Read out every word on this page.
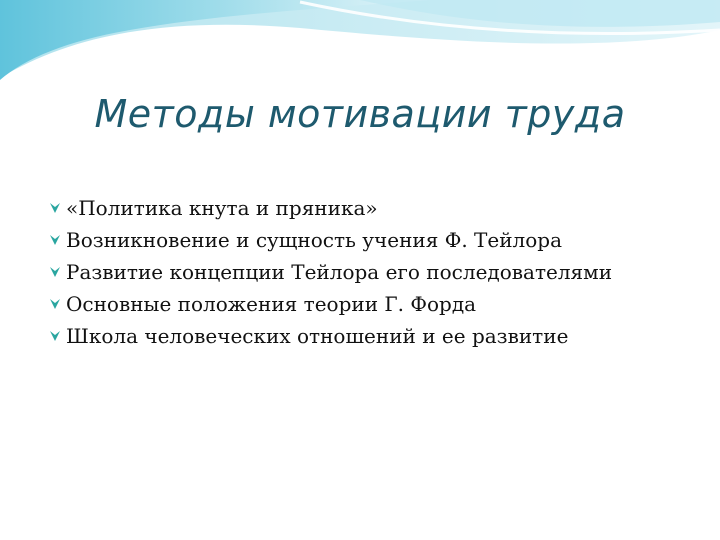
Методы мотивации труда
«Политика кнута и пряника»
Возникновение и сущность учения Ф. Тейлора
Развитие концепции Тейлора его последователями
Основные положения теории Г. Форда
Школа человеческих отношений и ее развитие
